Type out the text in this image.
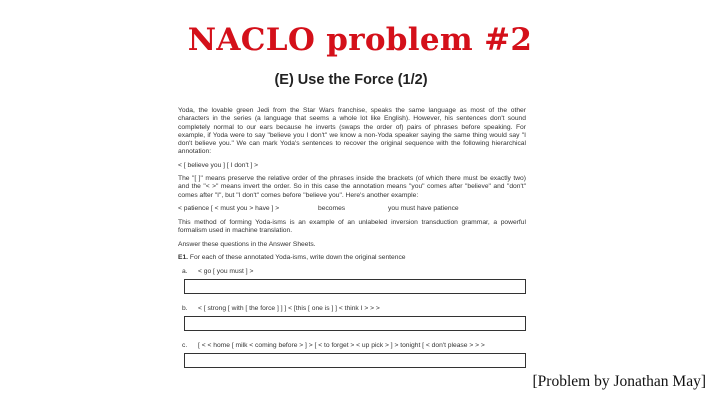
NACLO problem #2
(E) Use the Force (1/2)
Yoda, the lovable green Jedi from the Star Wars franchise, speaks the same language as most of the other characters in the series (a language that seems a whole lot like English). However, his sentences don't sound completely normal to our ears because he inverts (swaps the order of) pairs of phrases before speaking. For example, if Yoda were to say "believe you I don't" we know a non-Yoda speaker saying the same thing would say "I don't believe you." We can mark Yoda's sentences to recover the original sequence with the following hierarchical annotation:
< [ believe you ] [ I don't ] >
The "[ ]" means preserve the relative order of the phrases inside the brackets (of which there must be exactly two) and the "< >" means invert the order. So in this case the annotation means "you" comes after "believe" and "don't" comes after "I", but "I don't" comes before "believe you". Here's another example:
< patience [ < must you > have ] >	becomes	you must have patience
This method of forming Yoda-isms is an example of an unlabeled inversion transduction grammar, a powerful formalism used in machine translation.
Answer these questions in the Answer Sheets.
E1. For each of these annotated Yoda-isms, write down the original sentence
a. < go [ you must ] >
b. < [ strong [ with [ the force ] ] ] < [this [ one is ] ] < think I > > >
c. [ < < home [ milk < coming before > ] > [ < to forget > < up pick > ] > tonight [ < don't please > > >
[Problem by Jonathan May]
